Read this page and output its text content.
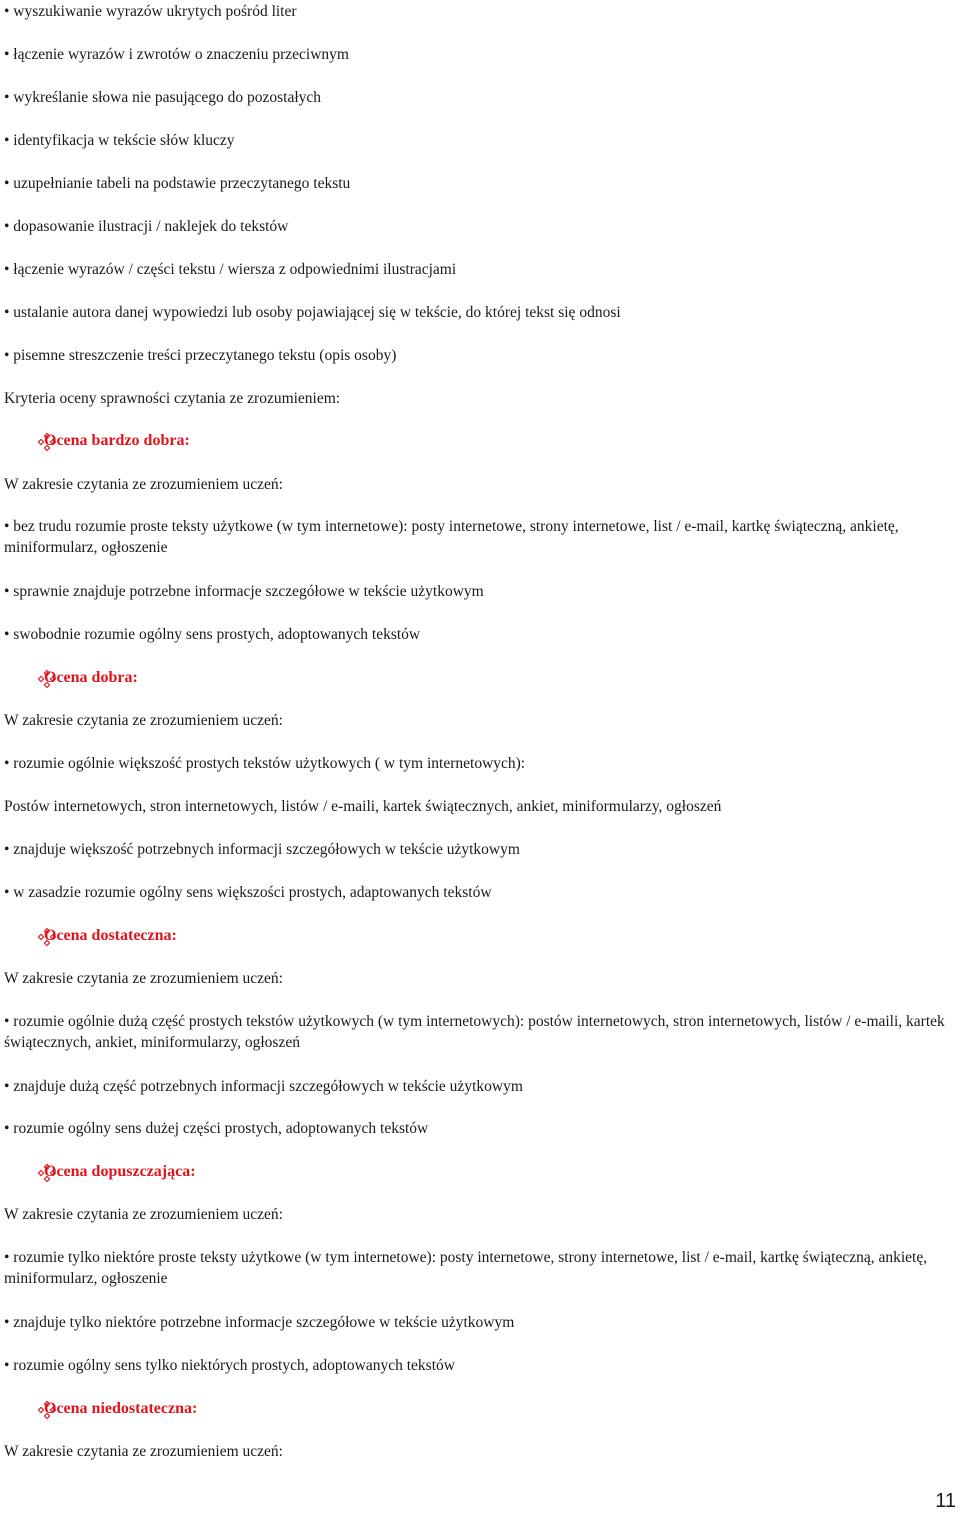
• wyszukiwanie wyrazów ukrytych pośród liter
• łączenie wyrazów i zwrotów o znaczeniu przeciwnym
• wykreślanie słowa nie pasującego do pozostałych
• identyfikacja w tekście słów kluczy
• uzupełnianie tabeli na podstawie przeczytanego tekstu
• dopasowanie ilustracji / naklejek do tekstów
• łączenie wyrazów / części tekstu / wiersza z odpowiednimi ilustracjami
• ustalanie autora danej wypowiedzi lub osoby pojawiającej się w tekście, do której tekst się odnosi
• pisemne streszczenie treści przeczytanego tekstu (opis osoby)
Kryteria oceny sprawności czytania ze zrozumieniem:
Ocena bardzo dobra:
W zakresie czytania ze zrozumieniem uczeń:
• bez trudu rozumie proste teksty użytkowe (w tym internetowe): posty internetowe, strony internetowe, list / e-mail, kartkę świąteczną, ankietę, miniformularz, ogłoszenie
• sprawnie znajduje potrzebne informacje szczegółowe w tekście użytkowym
• swobodnie rozumie ogólny sens prostych, adoptowanych tekstów
Ocena dobra:
W zakresie czytania ze zrozumieniem uczeń:
• rozumie ogólnie większość prostych tekstów użytkowych ( w tym internetowych):
Postów internetowych, stron internetowych, listów / e-maili, kartek świątecznych, ankiet, miniformularzy, ogłoszeń
• znajduje większość potrzebnych informacji szczegółowych w tekście użytkowym
• w zasadzie rozumie ogólny sens większości prostych, adaptowanych tekstów
Ocena dostateczna:
W zakresie czytania ze zrozumieniem uczeń:
• rozumie ogólnie dużą część prostych tekstów użytkowych (w tym internetowych): postów internetowych, stron internetowych, listów / e-maili, kartek świątecznych, ankiet, miniformularzy, ogłoszeń
• znajduje dużą część potrzebnych informacji szczegółowych w tekście użytkowym
• rozumie ogólny sens dużej części prostych, adoptowanych tekstów
Ocena dopuszczająca:
W zakresie czytania ze zrozumieniem uczeń:
• rozumie tylko niektóre proste teksty użytkowe (w tym internetowe): posty internetowe, strony internetowe, list / e-mail, kartkę świąteczną, ankietę, miniformularz, ogłoszenie
• znajduje tylko niektóre potrzebne informacje szczegółowe w tekście użytkowym
• rozumie ogólny sens tylko niektórych prostych, adoptowanych tekstów
Ocena niedostateczna:
W zakresie czytania ze zrozumieniem uczeń:
11
